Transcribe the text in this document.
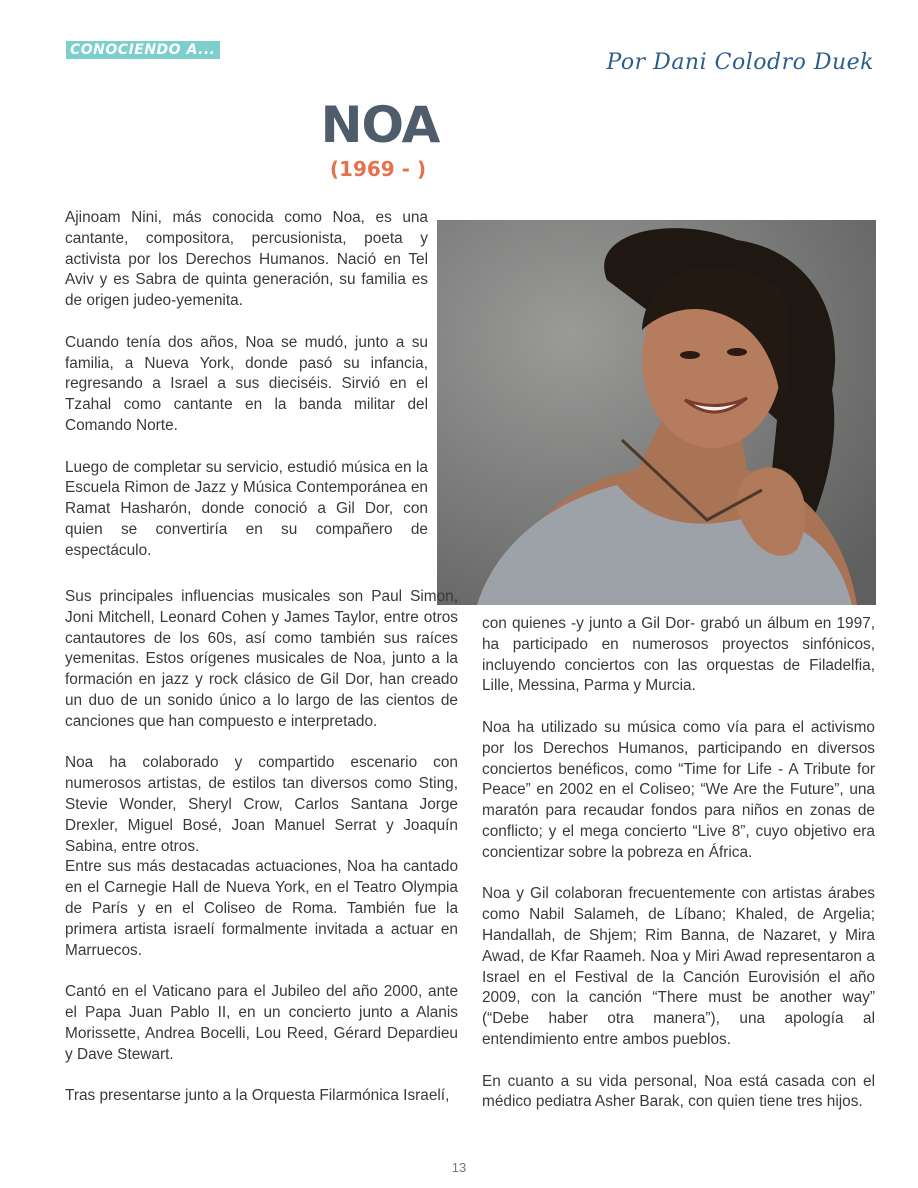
CONOCIENDO A...	Por Dani Colodro Duek
NOA
(1969 - )

Ajinoam Nini, más conocida como Noa, es una cantante, compositora, percusionista, poeta y activista por los Derechos Humanos. Nació en Tel Aviv y es Sabra de quinta generación, su familia es de origen judeo-yemenita.

Cuando tenía dos años, Noa se mudó, junto a su familia, a Nueva York, donde pasó su infancia, regresando a Israel a sus dieciséis. Sirvió en el Tzahal como cantante en la banda militar del Comando Norte.

Luego de completar su servicio, estudió música en la Escuela Rimon de Jazz y Música Contemporánea en Ramat Hasharón, donde conoció a Gil Dor, con quien se convertiría en su compañero de espectáculo.

Sus principales influencias musicales son Paul Simon, Joni Mitchell, Leonard Cohen y James Taylor, entre otros cantautores de los 60s, así como también sus raíces yemenitas. Estos orígenes musicales de Noa, junto a la formación en jazz y rock clásico de Gil Dor, han creado un duo de un sonido único a lo largo de las cientos de canciones que han compuesto e interpretado.

Noa ha colaborado y compartido escenario con numerosos artistas, de estilos tan diversos como Sting, Stevie Wonder, Sheryl Crow, Carlos Santana Jorge Drexler, Miguel Bosé, Joan Manuel Serrat y Joaquín Sabina, entre otros.

Entre sus más destacadas actuaciones, Noa ha cantado en el Carnegie Hall de Nueva York, en el Teatro Olympia de París y en el Coliseo de Roma. También fue la primera artista israelí formalmente invitada a actuar en Marruecos.

Cantó en el Vaticano para el Jubileo del año 2000, ante el Papa Juan Pablo II, en un concierto junto a Alanis Morissette, Andrea Bocelli, Lou Reed, Gérard Depardieu y Dave Stewart.

Tras presentarse junto a la Orquesta Filarmónica Israelí,

con quienes -y junto a Gil Dor- grabó un álbum en 1997, ha participado en numerosos proyectos sinfónicos, incluyendo conciertos con las orquestas de Filadelfia, Lille, Messina, Parma y Murcia.

Noa ha utilizado su música como vía para el activismo por los Derechos Humanos, participando en diversos conciertos benéficos, como “Time for Life - A Tribute for Peace” en 2002 en el Coliseo; “We Are the Future”, una maratón para recaudar fondos para niños en zonas de conflicto; y el mega concierto “Live 8”, cuyo objetivo era concientizar sobre la pobreza en África.

Noa y Gil colaboran frecuentemente con artistas árabes como Nabil Salameh, de Líbano; Khaled, de Argelia; Handallah, de Shjem; Rim Banna, de Nazaret, y Mira Awad, de Kfar Raameh. Noa y Miri Awad representaron a Israel en el Festival de la Canción Eurovisión el año 2009, con la canción “There must be another way” (“Debe haber otra manera”), una apología al entendimiento entre ambos pueblos.

En cuanto a su vida personal, Noa está casada con el médico pediatra Asher Barak, con quien tiene tres hijos.

13
